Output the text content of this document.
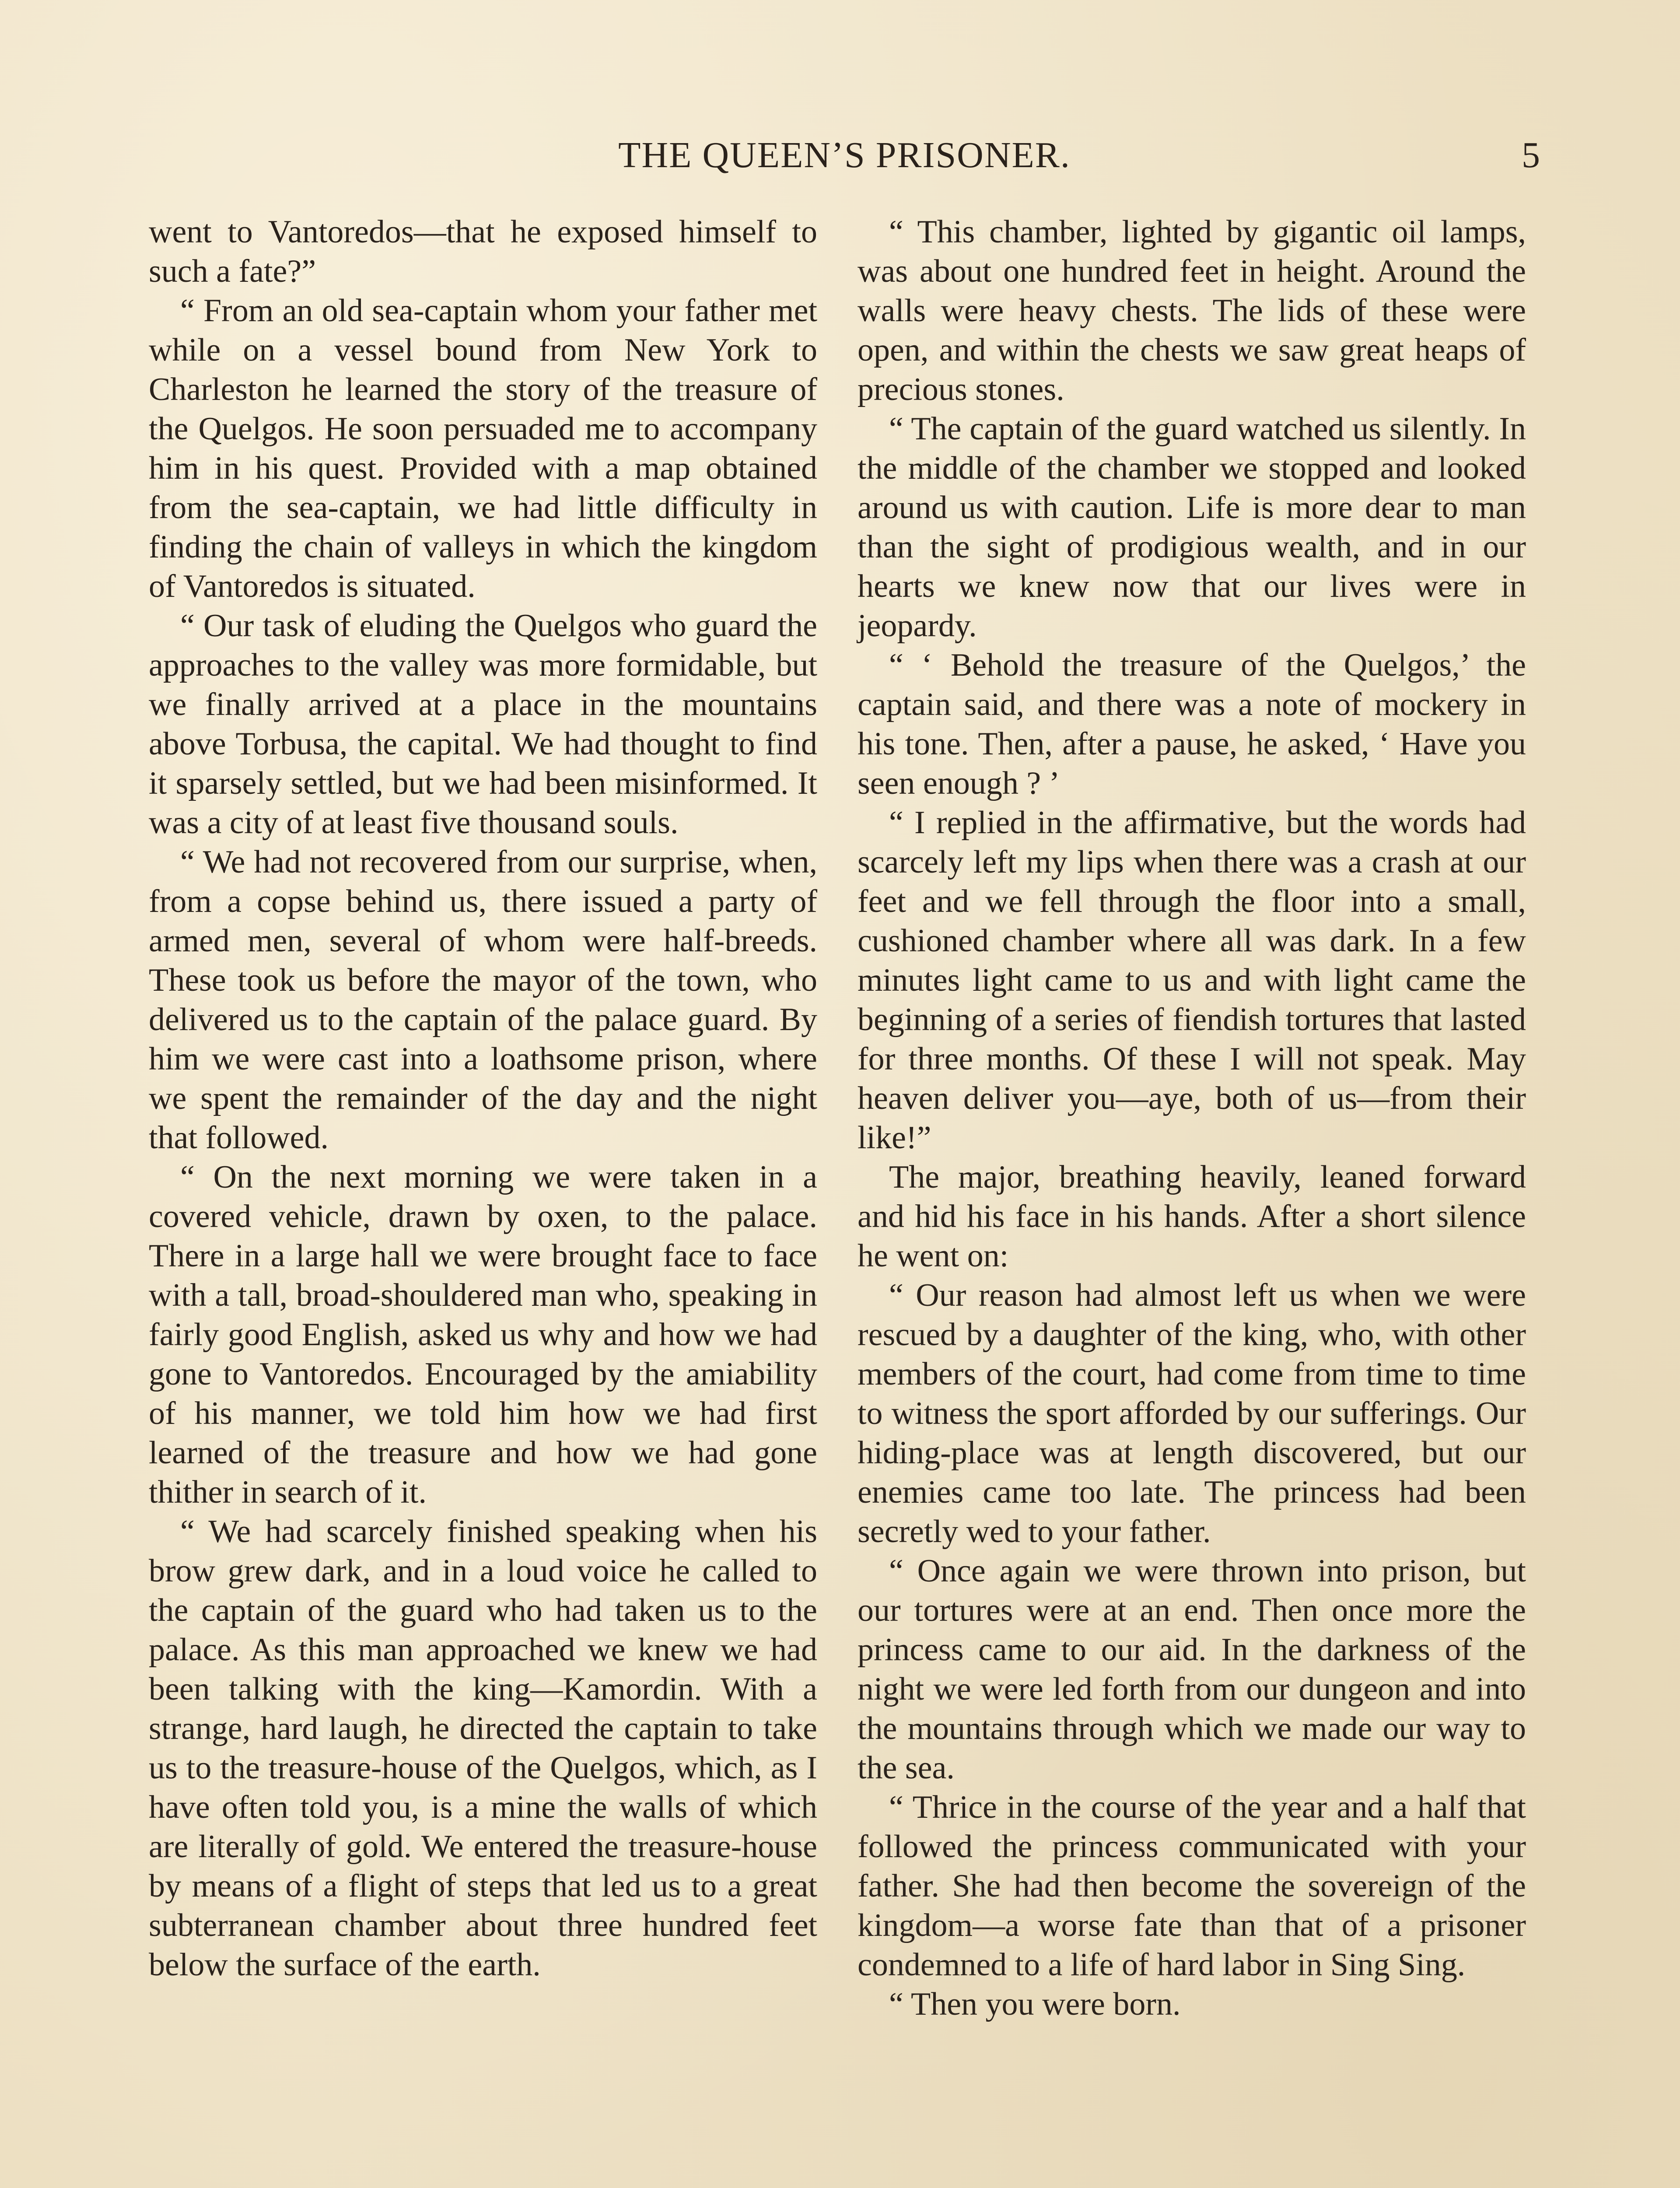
THE QUEEN’S PRISONER.	5

went to Vantoredos—that he exposed himself to such a fate?”

“ From an old sea-captain whom your father met while on a vessel bound from New York to Charleston he learned the story of the treasure of the Quelgos. He soon persuaded me to accompany him in his quest. Provided with a map obtained from the sea-captain, we had little difficulty in finding the chain of valleys in which the kingdom of Vantoredos is situated.

“ Our task of eluding the Quelgos who guard the approaches to the valley was more formidable, but we finally arrived at a place in the mountains above Torbusa, the capital. We had thought to find it sparsely settled, but we had been misinformed. It was a city of at least five thousand souls.

“ We had not recovered from our surprise, when, from a copse behind us, there issued a party of armed men, several of whom were half-breeds. These took us before the mayor of the town, who delivered us to the captain of the palace guard. By him we were cast into a loathsome prison, where we spent the remainder of the day and the night that followed.

“ On the next morning we were taken in a covered vehicle, drawn by oxen, to the palace. There in a large hall we were brought face to face with a tall, broad-shouldered man who, speaking in fairly good English, asked us why and how we had gone to Vantoredos. Encouraged by the amiability of his manner, we told him how we had first learned of the treasure and how we had gone thither in search of it.

“ We had scarcely finished speaking when his brow grew dark, and in a loud voice he called to the captain of the guard who had taken us to the palace. As this man approached we knew we had been talking with the king—Kamordin. With a strange, hard laugh, he directed the captain to take us to the treasure-house of the Quelgos, which, as I have often told you, is a mine the walls of which are literally of gold. We entered the treasure-house by means of a flight of steps that led us to a great subterranean chamber about three hundred feet below the surface of the earth.

“ This chamber, lighted by gigantic oil lamps, was about one hundred feet in height. Around the walls were heavy chests. The lids of these were open, and within the chests we saw great heaps of precious stones.

“ The captain of the guard watched us silently. In the middle of the chamber we stopped and looked around us with caution. Life is more dear to man than the sight of prodigious wealth, and in our hearts we knew now that our lives were in jeopardy.

“ ‘ Behold the treasure of the Quelgos,’ the captain said, and there was a note of mockery in his tone. Then, after a pause, he asked, ‘ Have you seen enough ? ’

“ I replied in the affirmative, but the words had scarcely left my lips when there was a crash at our feet and we fell through the floor into a small, cushioned chamber where all was dark. In a few minutes light came to us and with light came the beginning of a series of fiendish tortures that lasted for three months. Of these I will not speak. May heaven deliver you—aye, both of us—from their like!”

The major, breathing heavily, leaned forward and hid his face in his hands. After a short silence he went on:

“ Our reason had almost left us when we were rescued by a daughter of the king, who, with other members of the court, had come from time to time to witness the sport afforded by our sufferings. Our hiding-place was at length discovered, but our enemies came too late. The princess had been secretly wed to your father.

“ Once again we were thrown into prison, but our tortures were at an end. Then once more the princess came to our aid. In the darkness of the night we were led forth from our dungeon and into the mountains through which we made our way to the sea.

“ Thrice in the course of the year and a half that followed the princess communicated with your father. She had then become the sovereign of the kingdom—a worse fate than that of a prisoner condemned to a life of hard labor in Sing Sing.

“ Then you were born.
